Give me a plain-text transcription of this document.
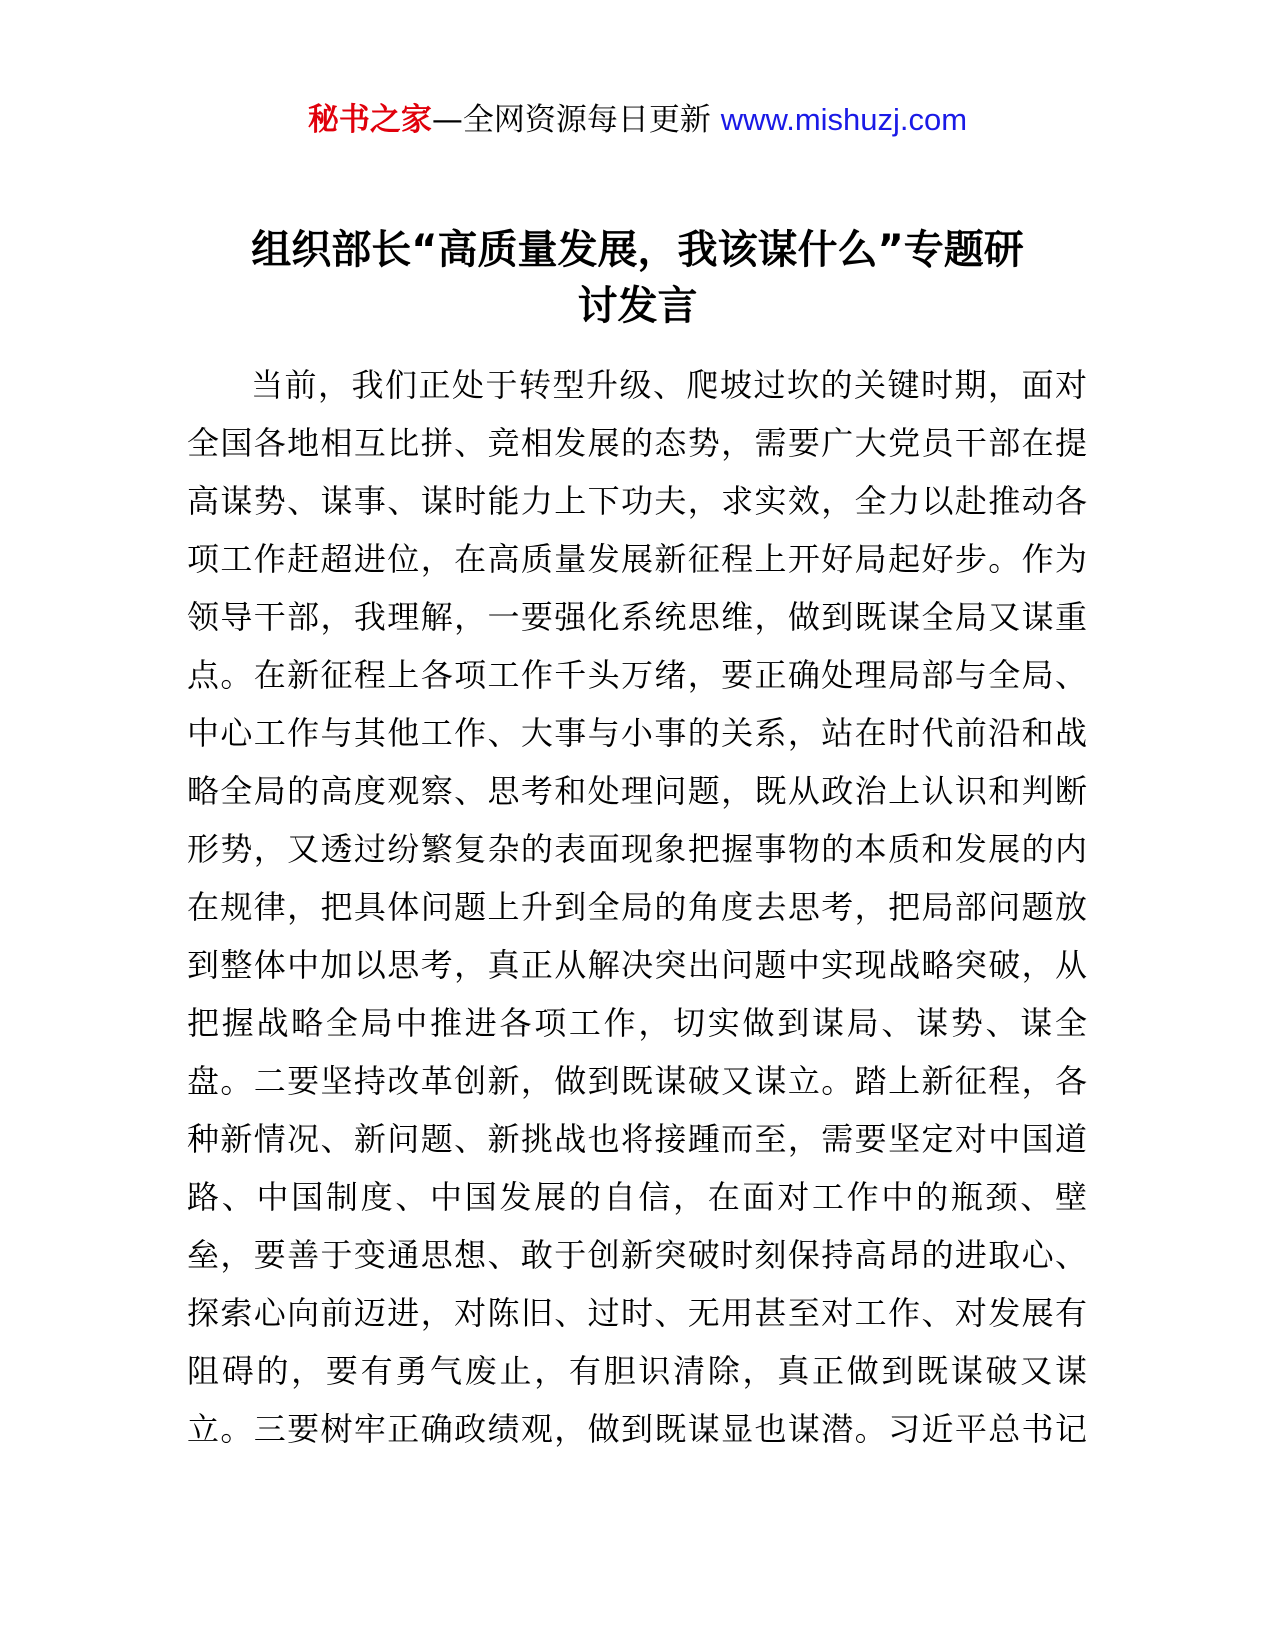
秘书之家—全网资源每日更新 www.mishuzj.com
组织部长“高质量发展，我该谋什么”专题研
讨发言
当前，我们正处于转型升级、爬坡过坎的关键时期，面对
全国各地相互比拼、竞相发展的态势，需要广大党员干部在提
高谋势、谋事、谋时能力上下功夫，求实效，全力以赴推动各
项工作赶超进位，在高质量发展新征程上开好局起好步。作为
领导干部，我理解，一要强化系统思维，做到既谋全局又谋重
点。在新征程上各项工作千头万绪，要正确处理局部与全局、
中心工作与其他工作、大事与小事的关系，站在时代前沿和战
略全局的高度观察、思考和处理问题，既从政治上认识和判断
形势，又透过纷繁复杂的表面现象把握事物的本质和发展的内
在规律，把具体问题上升到全局的角度去思考，把局部问题放
到整体中加以思考，真正从解决突出问题中实现战略突破，从
把握战略全局中推进各项工作，切实做到谋局、谋势、谋全
盘。二要坚持改革创新，做到既谋破又谋立。踏上新征程，各
种新情况、新问题、新挑战也将接踵而至，需要坚定对中国道
路、中国制度、中国发展的自信，在面对工作中的瓶颈、壁
垒，要善于变通思想、敢于创新突破时刻保持高昂的进取心、
探索心向前迈进，对陈旧、过时、无用甚至对工作、对发展有
阻碍的，要有勇气废止，有胆识清除，真正做到既谋破又谋
立。三要树牢正确政绩观，做到既谋显也谋潜。习近平总书记
